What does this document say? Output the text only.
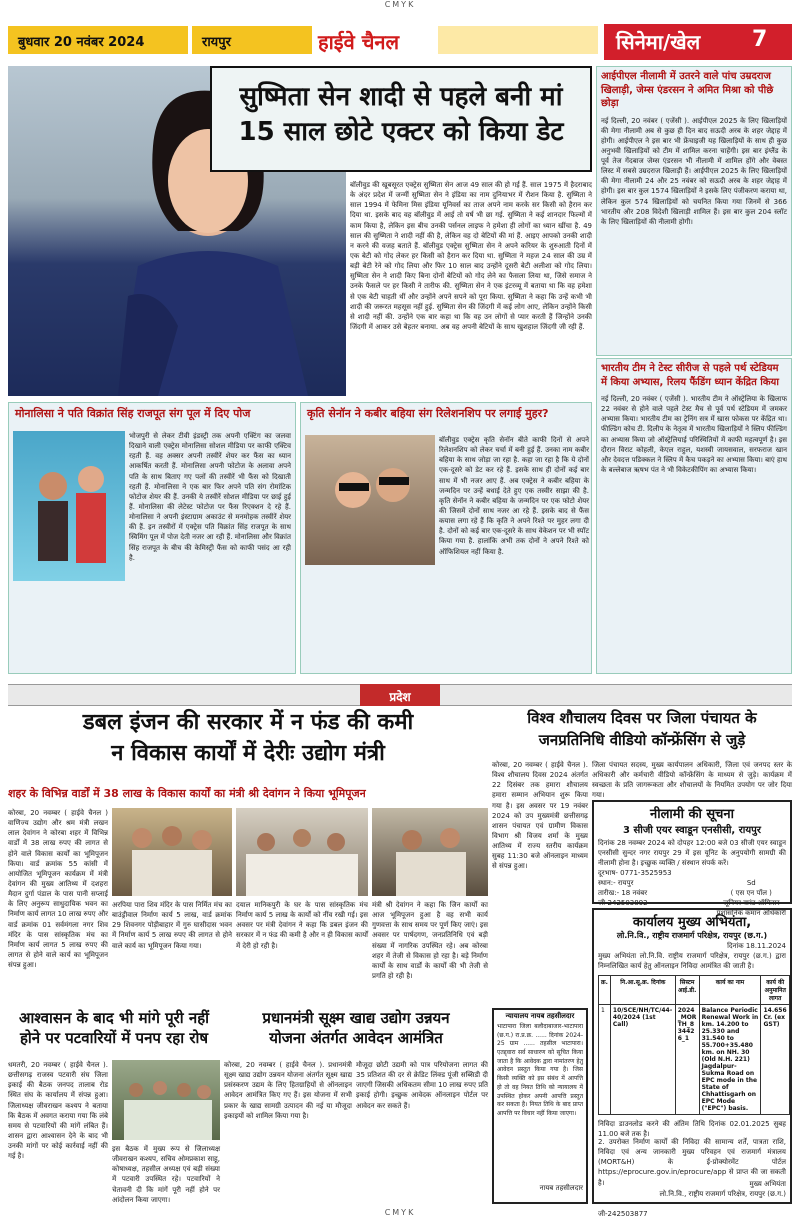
CMYK
बुधवार 20 नवंबर 2024	रायपुर	हाईवे चैनल	सिनेमा/खेल	7
सुष्मिता सेन शादी से पहले बनी मां
15 साल छोटे एक्टर को किया डेट
बॉलीवुड की खूबसूरत एक्ट्रेस सुष्मिता सेन आज 49 साल की हो गई हैं. साल 1975 में हैदराबाद के अंदर प्रदेश में जन्मीं सुष्मिता सेन ने इंडिया का नाम दुनियाभर में रौशन किया है. सुष्मिता ने साल 1994 में फेमिना मिस इंडिया यूनिवर्स का ताज अपने नाम करके सर किसी को हैरान कर दिया था. इसके बाद वह बॉलीवुड में आई तो वर्ष भी छा गई. सुष्मिता ने कई शानदार फिल्मों में काम किया है, लेकिन इस बीच उनकी पर्सनल लाइफ ने हमेशा ही लोगों का ध्यान खींचा है. 49 साल की सुष्मिता ने शादी नहीं की है, लेकिन वह दो बेटियों की मां हैं. आइए आपको उनकी शादी न करने की वजह बताते हैं. बॉलीवुड एक्ट्रेस सुष्मिता सेन ने अपने करियर के शुरुआती दिनों में एक बेटी को गोद लेकर हर किसी को हैरान कर दिया था. सुष्मिता ने महज 24 साल की उम्र में बड़ी बेटी रेने को गोद लिया और फिर 10 साल बाद उन्होंने दूसरी बेटी अलीशा को गोद लिया। सुष्मिता सेन ने शादी किए बिना दोनों बेटियों को गोद लेने का फैसला लिया था, जिसे समाज ने उनके फैसले पर हर किसी ने तारीफ की. सुष्मिता सेन ने एक इंटरव्यू में बताया था कि वह हमेशा से एक बेटी चाहती थीं और उन्होंने अपने सपने को पूरा किया. सुष्मिता ने कहा कि उन्हें कभी भी शादी की जरूरत महसूस नहीं हुई. सुष्मिता सेन की जिंदगी में कई लोग आए, लेकिन उन्होंने किसी से शादी नहीं की. उन्होंने एक बार कहा था कि वह उन लोगों से प्यार करती हैं जिन्होंने उनकी जिंदगी में आकर उसे बेहतर बनाया. अब वह अपनी बेटियों के साथ खुशहाल जिंदगी जी रही हैं.
आईपीएल नीलामी में उतरने वाले पांच उम्रदराज खिलाड़ी, जेम्स एंडरसन ने अमित मिश्रा को पीछे छोड़ा
नई दिल्ली, 20 नवंबर ( एजेंसी ). आईपीएल 2025 के लिए खिलाड़ियों की मेगा नीलामी अब से कुछ ही दिन बाद सऊदी अरब के शहर जेद्दाह में होगी। आईपीएल ने इस बार भी फ्रेंचाइजी यह खिलाड़ियों के साथ ही कुछ अनुभवी खिलाड़ियों को टीम में शामिल करना चाहेंगी। इस बार इंग्लैंड के पूर्व तेज गेंदबाज जेम्स एंडरसन भी नीलामी में शामिल होंगे और वेबस्त लिस्ट में सबसे उम्रदराज खिलाड़ी हैं। आईपीएल 2025 के लिए खिलाड़ियों की मेगा नीलामी 24 और 25 नवंबर को सऊदी अरब के शहर जेद्दाह में होगी। इस बार कुल 1574 खिलाड़ियों ने इसके लिए पंजीकरण कराया था, लेकिन कुल 574 खिलाड़ियों को चयनित किया गया जिनमें से 366 भारतीय और 208 विदेशी खिलाड़ी शामिल हैं। इस बार कुल 204 स्लॉट के लिए खिलाड़ियों की नीलामी होगी।
भारतीय टीम ने टेस्ट सीरीज से पहले पर्थ स्टेडियम में किया अभ्यास, रिलय फैंडिंग ध्यान केंद्रित किया
नई दिल्ली, 20 नवंबर ( एजेंसी ). भारतीय टीम ने ऑस्ट्रेलिया के खिलाफ 22 नवंबर से होने वाले पहले टेस्ट मैच से पूर्व पर्थ स्टेडियम में जमकर अभ्यास किया। भारतीय टीम का ट्रेनिंग सत्र में खास फोकस पर केंद्रित था। फील्डिंग कोच टी. दिलीप के नेतृत्व में भारतीय खिलाड़ियों ने स्लिप फील्डिंग का अभ्यास किया जो ऑस्ट्रेलियाई परिस्थितियों में काफी महत्वपूर्ण है। इस दौरान विराट कोहली, केएल राहुल, यशस्वी जायसवाल, सरफराज खान और देवदत्त पडिक्कल ने स्लिप में कैच पकड़ने का अभ्यास किया। बाएं हाथ के बल्लेबाज ऋषभ पंत ने भी विकेटकीपिंग का अभ्यास किया।
मोनालिसा ने पति विक्रांत सिंह राजपूत संग पूल में दिए पोज
भोजपुरी से लेकर टीवी इंडस्ट्री तक अपनी एक्टिंग का जलवा दिखाने वाली एक्ट्रेस मोनालिसा सोशल मीडिया पर काफी एक्टिव रहती हैं. वह अक्सर अपनी तस्वीरें शेयर कर फैंस का ध्यान आकर्षित करती हैं. मोनालिसा अपनी फोटोज के अलावा अपने पति के साथ बिताए गए पलों की तस्वीरें भी फैंस को दिखाती रहती हैं. मोनालिसा ने एक बार फिर अपने पति संग रोमांटिक फोटोज शेयर की हैं. उनकी ये तस्वीरें सोशल मीडिया पर छाई हुई हैं. मोनालिसा की लेटेस्ट फोटोज पर फैंस रिएक्शन दे रहे हैं. मोनालिसा ने अपनी इंस्टाग्राम अकाउंट से मनमोहक तस्वीरें शेयर की हैं. इन तस्वीरों में एक्ट्रेस पति विक्रांत सिंह राजपूत के साथ स्विमिंग पूल में पोज देती नजर आ रही हैं. मोनालिसा और विक्रांत सिंह राजपूत के बीच की केमिस्ट्री फैंस को काफी पसंद आ रही है.
कृति सेनॉन ने कबीर बहिया संग रिलेशनशिप पर लगाई मुहर?
बॉलीवुड एक्ट्रेस कृति सेनॉन बीते काफी दिनों से अपने रिलेशनशिप को लेकर चर्चा में बनी हुई हैं. उनका नाम कबीर बहिया के साथ जोड़ा जा रहा है. कहा जा रहा है कि ये दोनों एक-दूसरे को डेट कर रहे हैं. इसके साथ ही दोनों कई बार साथ में भी नजर आए हैं. अब एक्ट्रेस ने कबीर बहिया के जन्मदिन पर उन्हें बधाई देते हुए एक तस्वीर साझा की है. कृति सेनॉन ने कबीर बहिया के जन्मदिन पर एक फोटो शेयर की जिसमें दोनों साथ नजर आ रहे हैं. इसके बाद से फैंस कयास लगा रहे हैं कि कृति ने अपने रिश्ते पर मुहर लगा दी है. दोनों को कई बार एक-दूसरे के साथ वेकेशन पर भी स्पॉट किया गया है. हालांकि अभी तक दोनों ने अपने रिश्ते को ऑफिशियल नहीं किया है.
प्रदेश
डबल इंजन की सरकार में न फंड की कमी
न विकास कार्यों में देरीः उद्योग मंत्री
शहर के विभिन्न वार्डों में 38 लाख के विकास कार्यों का मंत्री श्री देवांगन ने किया भूमिपूजन
कोरबा, 20 नवम्बर ( हाईवे चैनल ) वाणिज्य उद्योग और श्रम मंत्री लखन लाल देवांगन ने कोरबा शहर में विभिन्न वार्डों में 38 लाख रुपए की लागत से होने वाले विकास कार्यों का भूमिपूजन किया। वार्ड क्रमांक 55 कांसी में आयोजित भूमिपूजन कार्यक्रम में मंत्री देवांगन की मुख्य आतिथ्य में दशहरा मैदान दुर्गा पंडाल के पास पानी सप्लाई के लिए अनुरूप साधुदायिक भवन का निर्माण कार्य लागत 10 लाख रुपए और वार्ड क्रमांक 01 सर्वमंगला नगर शिव मंदिर के पास सांस्कृतिक मंच का निर्माण कार्य लागत 5 लाख रुपए की लागत से होने वाले कार्य का भूमिपूजन संपन्न हुआ।
अरपिया पारा शिव मंदिर के पास निर्मित मंच का बाउंड्रीवाल निर्माण कार्य 5 लाख, वार्ड क्रमांक 29 शिवनगर पोड़ीबाहार में गुरु घासीदास भवन में निर्माण कार्य 5 लाख रुपए की लागत से होने वाले कार्य का भूमिपूजन किया गया।
दयाल मानिकपुरी के घर के पास सांस्कृतिक मंच निर्माण कार्य 5 लाख के कार्यों को नींव रखी गई। इस अवसर पर मंत्री देवांगन ने कहा कि डबल इंजन की सरकार में न फंड की कमी है और न ही विकास कार्यों में देरी हो रही है।
मंत्री श्री देवांगन ने कहा कि जिन कार्यों का आज भूमिपूजन हुआ है वह सभी कार्य गुणवत्ता के साथ समय पर पूर्ण किए जाएं। इस अवसर पर पार्षदगण, जनप्रतिनिधि एवं बड़ी संख्या में नागरिक उपस्थित रहे। अब कोरबा शहर में तेजी से विकास हो रहा है। बड़े निर्माण कार्यों के साथ वार्डों के कार्यों की भी तेजी से प्रगति हो रही है।
विश्व शौचालय दिवस पर जिला पंचायत के जनप्रतिनिधि वीडियो कॉन्फ्रेंसिंग से जुड़े
कोरबा, 20 नवम्बर ( हाईवे चैनल ). विश्व शौचालय दिवस 2024 अंतर्गत 22 दिसंबर तक हमारा शौचालय हमारा सम्मान अभियान शुरू किया गया है। इस अवसर पर 19 नवंबर 2024 को उप मुख्यमंत्री छत्तीसगढ़ शासन पंचायत एवं ग्रामीण विकास विभाग श्री विजय शर्मा के मुख्य आतिथ्य में राज्य स्तरीय कार्यक्रम सुबह 11:30 बजे ऑनलाइन माध्यम से संपन्न हुआ।
जिला पंचायत सदस्य, मुख्य कार्यपालन अधिकारी, जिला एवं जनपद स्तर के अधिकारी और कर्मचारी वीडियो कॉन्फ्रेंसिंग के माध्यम से जुड़े। कार्यक्रम में स्वच्छता के प्रति जागरूकता और शौचालयों के नियमित उपयोग पर जोर दिया गया।
नीलामी की सूचना
3 सीजी एयर स्वाडून एनसीसी, रायपुर
दिनांक 28 नवम्बर 2024 को दोपहर 12:00 बजे 03 सीजी एयर स्वाडून एनसीसी सुन्दर नगर रायपुर 29 में इस यूनिट के अनुपयोगी सामग्री की नीलामी होना है। इच्छुक व्यक्ति / संस्थान संपर्क करें।
दूरभाष- 0771-3525953
स्थान:- रायपुर
तारीख:- 18 नवंबर
जी-242503892
Sd
( एस एन पॉल )
जूनियर वारंट ऑफिसर
प्रशासनिक कमान अधिकारी
कार्यालय मुख्य अभियंता,
लो.नि.वि., राष्ट्रीय राजमार्ग परिक्षेत्र, रायपुर (छ.ग.)
दिनांक 18.11.2024
मुख्य अभियंता लो.नि.वि. राष्ट्रीय राजमार्ग परिक्षेत्र, रायपुर (छ.ग.) द्वारा निम्नलिखित कार्य हेतु ऑनलाइन निविदा आमंत्रित की जाती है।
क्र.	नि.आ.सू.क्र. दिनांक	सिस्टम आई.डी.	कार्य का नाम	कार्य की अनुमानित लागत
1	10/SCE/NH/TC/44-40/2024 (1st Call)	2024_MORTH_834426_1	Balance Periodic Renewal Work in km. 14.200 to 25.330 and 31.540 to 55.700+35.480 km. on NH. 30 (Old N.H. 221) Jagdalpur-Sukma Road on EPC mode in the State of Chhattisgarh on EPC Mode ("EPC") basis.	14.656 Cr. (ex GST)
निविदा डाउनलोड करने की अंतिम तिथि दिनांक 02.01.2025 सुबह 11.00 बजे तक है।
2. उपरोक्त निर्माण कार्यों की निविदा की सामान्य शर्तें, पात्रता राशि, निविदा एवं अन्य जानकारी मुख्य परिवहन एवं राजमार्ग मंत्रालय (MORT&H) के ई-प्रोक्योरमेंट पोर्टल https://eprocure.gov.in/eprocure/app से प्राप्त की जा सकती है।	मुख्य अभियंता
लो.नि.वि., राष्ट्रीय राजमार्ग परिक्षेत्र, रायपुर (छ.ग.)
जी-242503877
आश्वासन के बाद भी मांगे पूरी नहीं
होने पर पटवारियों में पनप रहा रोष
धमतरी, 20 नवम्बर ( हाईवे चैनल ). छत्तीसगढ़ राजस्व पटवारी संघ जिला इकाई की बैठक जनपद तालाब रोड स्थित संघ के कार्यालय में संपन्न हुआ। जिलाध्यक्ष जीवराखन कश्यप ने बताया कि बैठक में अवगत कराया गया कि लंबे समय से पटवारियों की मांगें लंबित हैं। शासन द्वारा आश्वासन देने के बाद भी उनकी मांगों पर कोई कार्रवाई नहीं की गई है।
इस बैठक में मुख्य रूप से जिलाध्यक्ष जीवराखन कश्यप, सचिव ओमप्रकाश साहू, कोषाध्यक्ष, तहसील अध्यक्ष एवं बड़ी संख्या में पटवारी उपस्थित रहे। पटवारियों ने चेतावनी दी कि मांगें पूरी नहीं होने पर आंदोलन किया जाएगा।
प्रधानमंत्री सूक्ष्म खाद्य उद्योग उन्नयन
योजना अंतर्गत आवेदन आमंत्रित
कोरबा, 20 नवम्बर ( हाईवे चैनल ). प्रधानमंत्री सूक्ष्म खाद्य उद्योग उन्नयन योजना अंतर्गत सूक्ष्म खाद्य प्रसंस्करण उद्यम के लिए हितग्राहियों से ऑनलाइन आवेदन आमंत्रित किए गए हैं। इस योजना में सभी प्रकार के खाद्य सामग्री उत्पादन की नई या मौजूदा इकाइयों को शामिल किया गया है।
मौजूदा छोटी उद्यमी को पात्र परियोजना लागत की 35 प्रतिशत की दर से क्रेडिट लिंक्ड पूंजी सब्सिडी दी जाएगी जिसकी अधिकतम सीमा 10 लाख रुपए प्रति इकाई होगी। इच्छुक आवेदक ऑनलाइन पोर्टल पर आवेदन कर सकते हैं।
न्यायालय नायब तहसीलदार
भाटापारा जिला बलौदाबाजार-भाटापारा (छ.ग.) रा.प्र.क्र. ...... दिनांक 2024-25 ग्राम ...... तहसील भाटापारा। एतद्द्वारा सर्व साधारण को सूचित किया जाता है कि आवेदक द्वारा नामांतरण हेतु आवेदन प्रस्तुत किया गया है। जिस किसी व्यक्ति को इस संबंध में आपत्ति हो तो वह नियत तिथि को न्यायालय में उपस्थित होकर अपनी आपत्ति प्रस्तुत कर सकता है। नियत तिथि के बाद प्राप्त आपत्ति पर विचार नहीं किया जाएगा।
नायब तहसीलदार
CMYK
